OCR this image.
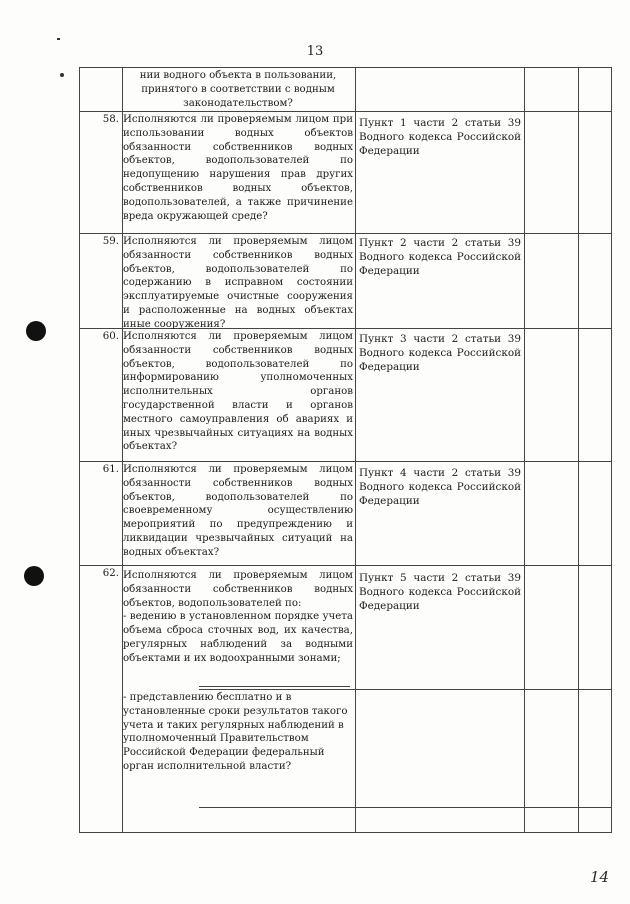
13
нии водного объекта в пользовании, принятого в соответствии с водным законодательством?
58. Исполняются ли проверяемым лицом при использовании водных объектов обязанности собственников водных объектов, водопользователей по недопущению нарушения прав других собственников водных объектов, водопользователей, а также причинение вреда окружающей среде?
Пункт 1 части 2 статьи 39 Водного кодекса Российской Федерации
59. Исполняются ли проверяемым лицом обязанности собственников водных объектов, водопользователей по содержанию в исправном состоянии эксплуатируемые очистные сооружения и расположенные на водных объектах иные сооружения?
Пункт 2 части 2 статьи 39 Водного кодекса Российской Федерации
60. Исполняются ли проверяемым лицом обязанности собственников водных объектов, водопользователей по информированию уполномоченных исполнительных органов государственной власти и органов местного самоуправления об авариях и иных чрезвычайных ситуациях на водных объектах?
Пункт 3 части 2 статьи 39 Водного кодекса Российской Федерации
61. Исполняются ли проверяемым лицом обязанности собственников водных объектов, водопользователей по своевременному осуществлению мероприятий по предупреждению и ликвидации чрезвычайных ситуаций на водных объектах?
Пункт 4 части 2 статьи 39 Водного кодекса Российской Федерации
62. Исполняются ли проверяемым лицом обязанности собственников водных объектов, водопользователей по:
- ведению в установленном порядке учета объема сброса сточных вод, их качества, регулярных наблюдений за водными объектами и их водоохранными зонами;
Пункт 5 части 2 статьи 39 Водного кодекса Российской Федерации
- представлению бесплатно и в установленные сроки результатов такого учета и таких регулярных наблюдений в уполномоченный Правительством Российской Федерации федеральный орган исполнительной власти?
14
